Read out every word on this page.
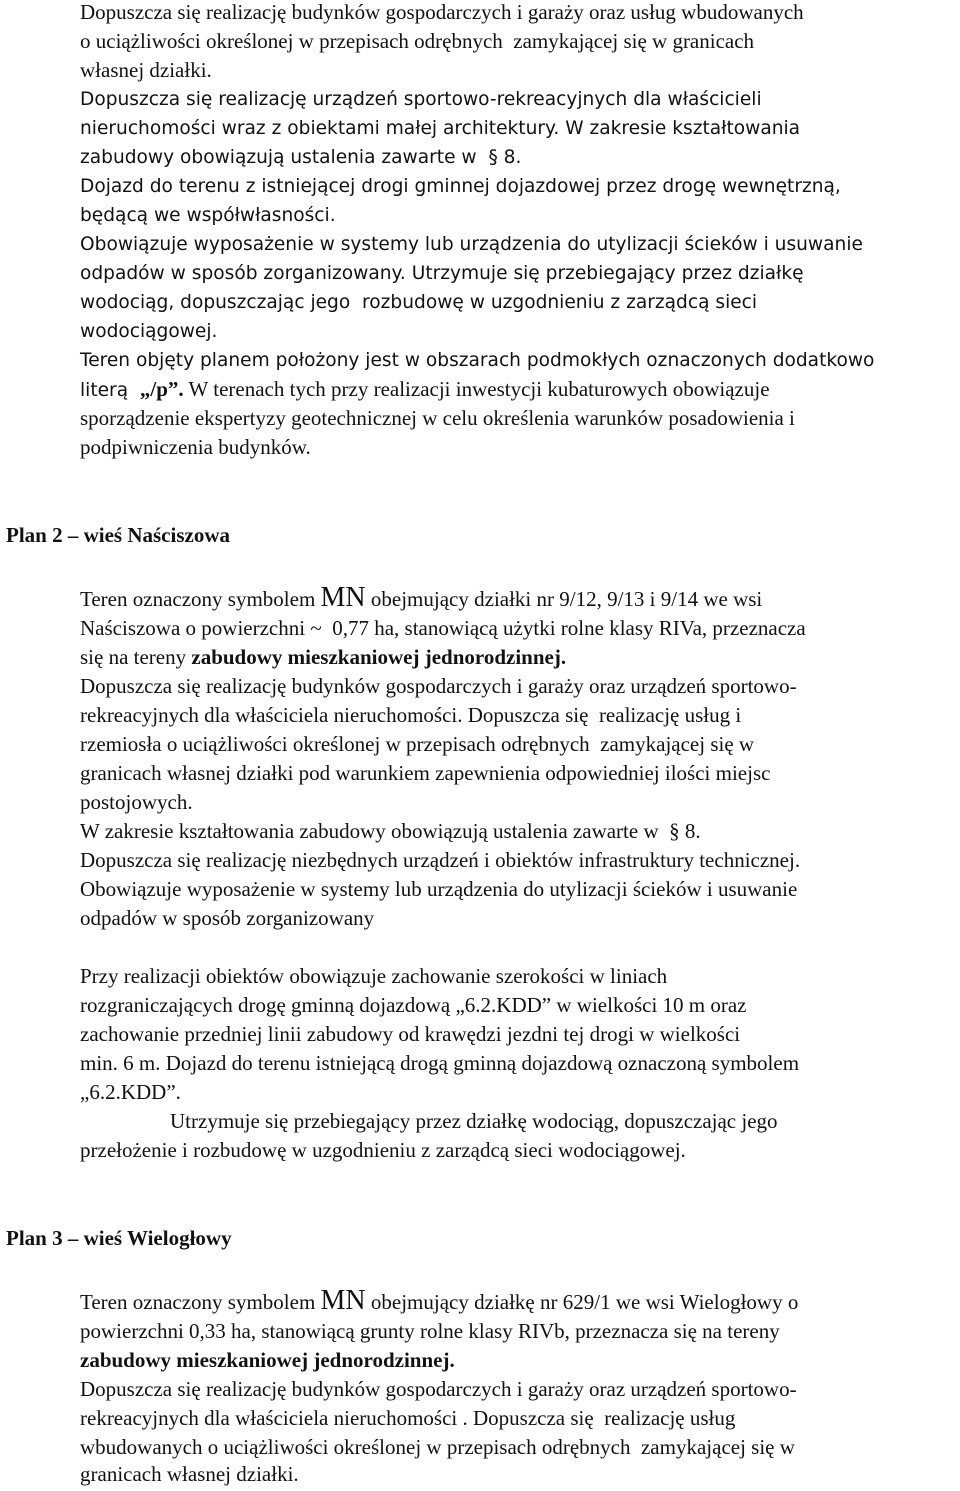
Dopuszcza się realizację budynków gospodarczych i garaży oraz usług wbudowanych
o uciążliwości określonej w przepisach odrębnych  zamykającej się w granicach
własnej działki.
Dopuszcza się realizację urządzeń sportowo-rekreacyjnych dla właścicieli
nieruchomości wraz z obiektami małej architektury. W zakresie kształtowania
zabudowy obowiązują ustalenia zawarte w  § 8.
Dojazd do terenu z istniejącej drogi gminnej dojazdowej przez drogę wewnętrzną,
będącą we współwłasności.
Obowiązuje wyposażenie w systemy lub urządzenia do utylizacji ścieków i usuwanie
odpadów w sposób zorganizowany. Utrzymuje się przebiegający przez działkę
wodociąg, dopuszczając jego  rozbudowę w uzgodnieniu z zarządcą sieci
wodociągowej.
Teren objęty planem położony jest w obszarach podmokłych oznaczonych dodatkowo
literą  „/p”. W terenach tych przy realizacji inwestycji kubaturowych obowiązuje
sporządzenie ekspertyzy geotechnicznej w celu określenia warunków posadowienia i
podpiwniczenia budynków.
Plan 2 – wieś Naściszowa
Teren oznaczony symbolem MN obejmujący działki nr 9/12, 9/13 i 9/14 we wsi
Naściszowa o powierzchni ~  0,77 ha, stanowiącą użytki rolne klasy RIVa, przeznacza
się na tereny zabudowy mieszkaniowej jednorodzinnej.
Dopuszcza się realizację budynków gospodarczych i garaży oraz urządzeń sportowo-
rekreacyjnych dla właściciela nieruchomości. Dopuszcza się  realizację usług i
rzemiosła o uciążliwości określonej w przepisach odrębnych  zamykającej się w
granicach własnej działki pod warunkiem zapewnienia odpowiedniej ilości miejsc
postojowych.
W zakresie kształtowania zabudowy obowiązują ustalenia zawarte w  § 8.
Dopuszcza się realizację niezbędnych urządzeń i obiektów infrastruktury technicznej.
Obowiązuje wyposażenie w systemy lub urządzenia do utylizacji ścieków i usuwanie
odpadów w sposób zorganizowany
Przy realizacji obiektów obowiązuje zachowanie szerokości w liniach
rozgraniczających drogę gminną dojazdową „6.2.KDD” w wielkości 10 m oraz
zachowanie przedniej linii zabudowy od krawędzi jezdni tej drogi w wielkości
min. 6 m. Dojazd do terenu istniejącą drogą gminną dojazdową oznaczoną symbolem
„6.2.KDD”.
Utrzymuje się przebiegający przez działkę wodociąg, dopuszczając jego
przełożenie i rozbudowę w uzgodnieniu z zarządcą sieci wodociągowej.
Plan 3 – wieś Wielogłowy
Teren oznaczony symbolem MN obejmujący działkę nr 629/1 we wsi Wielogłowy o
powierzchni 0,33 ha, stanowiącą grunty rolne klasy RIVb, przeznacza się na tereny
zabudowy mieszkaniowej jednorodzinnej.
Dopuszcza się realizację budynków gospodarczych i garaży oraz urządzeń sportowo-
rekreacyjnych dla właściciela nieruchomości . Dopuszcza się  realizację usług
wbudowanych o uciążliwości określonej w przepisach odrębnych  zamykającej się w
granicach własnej działki.
